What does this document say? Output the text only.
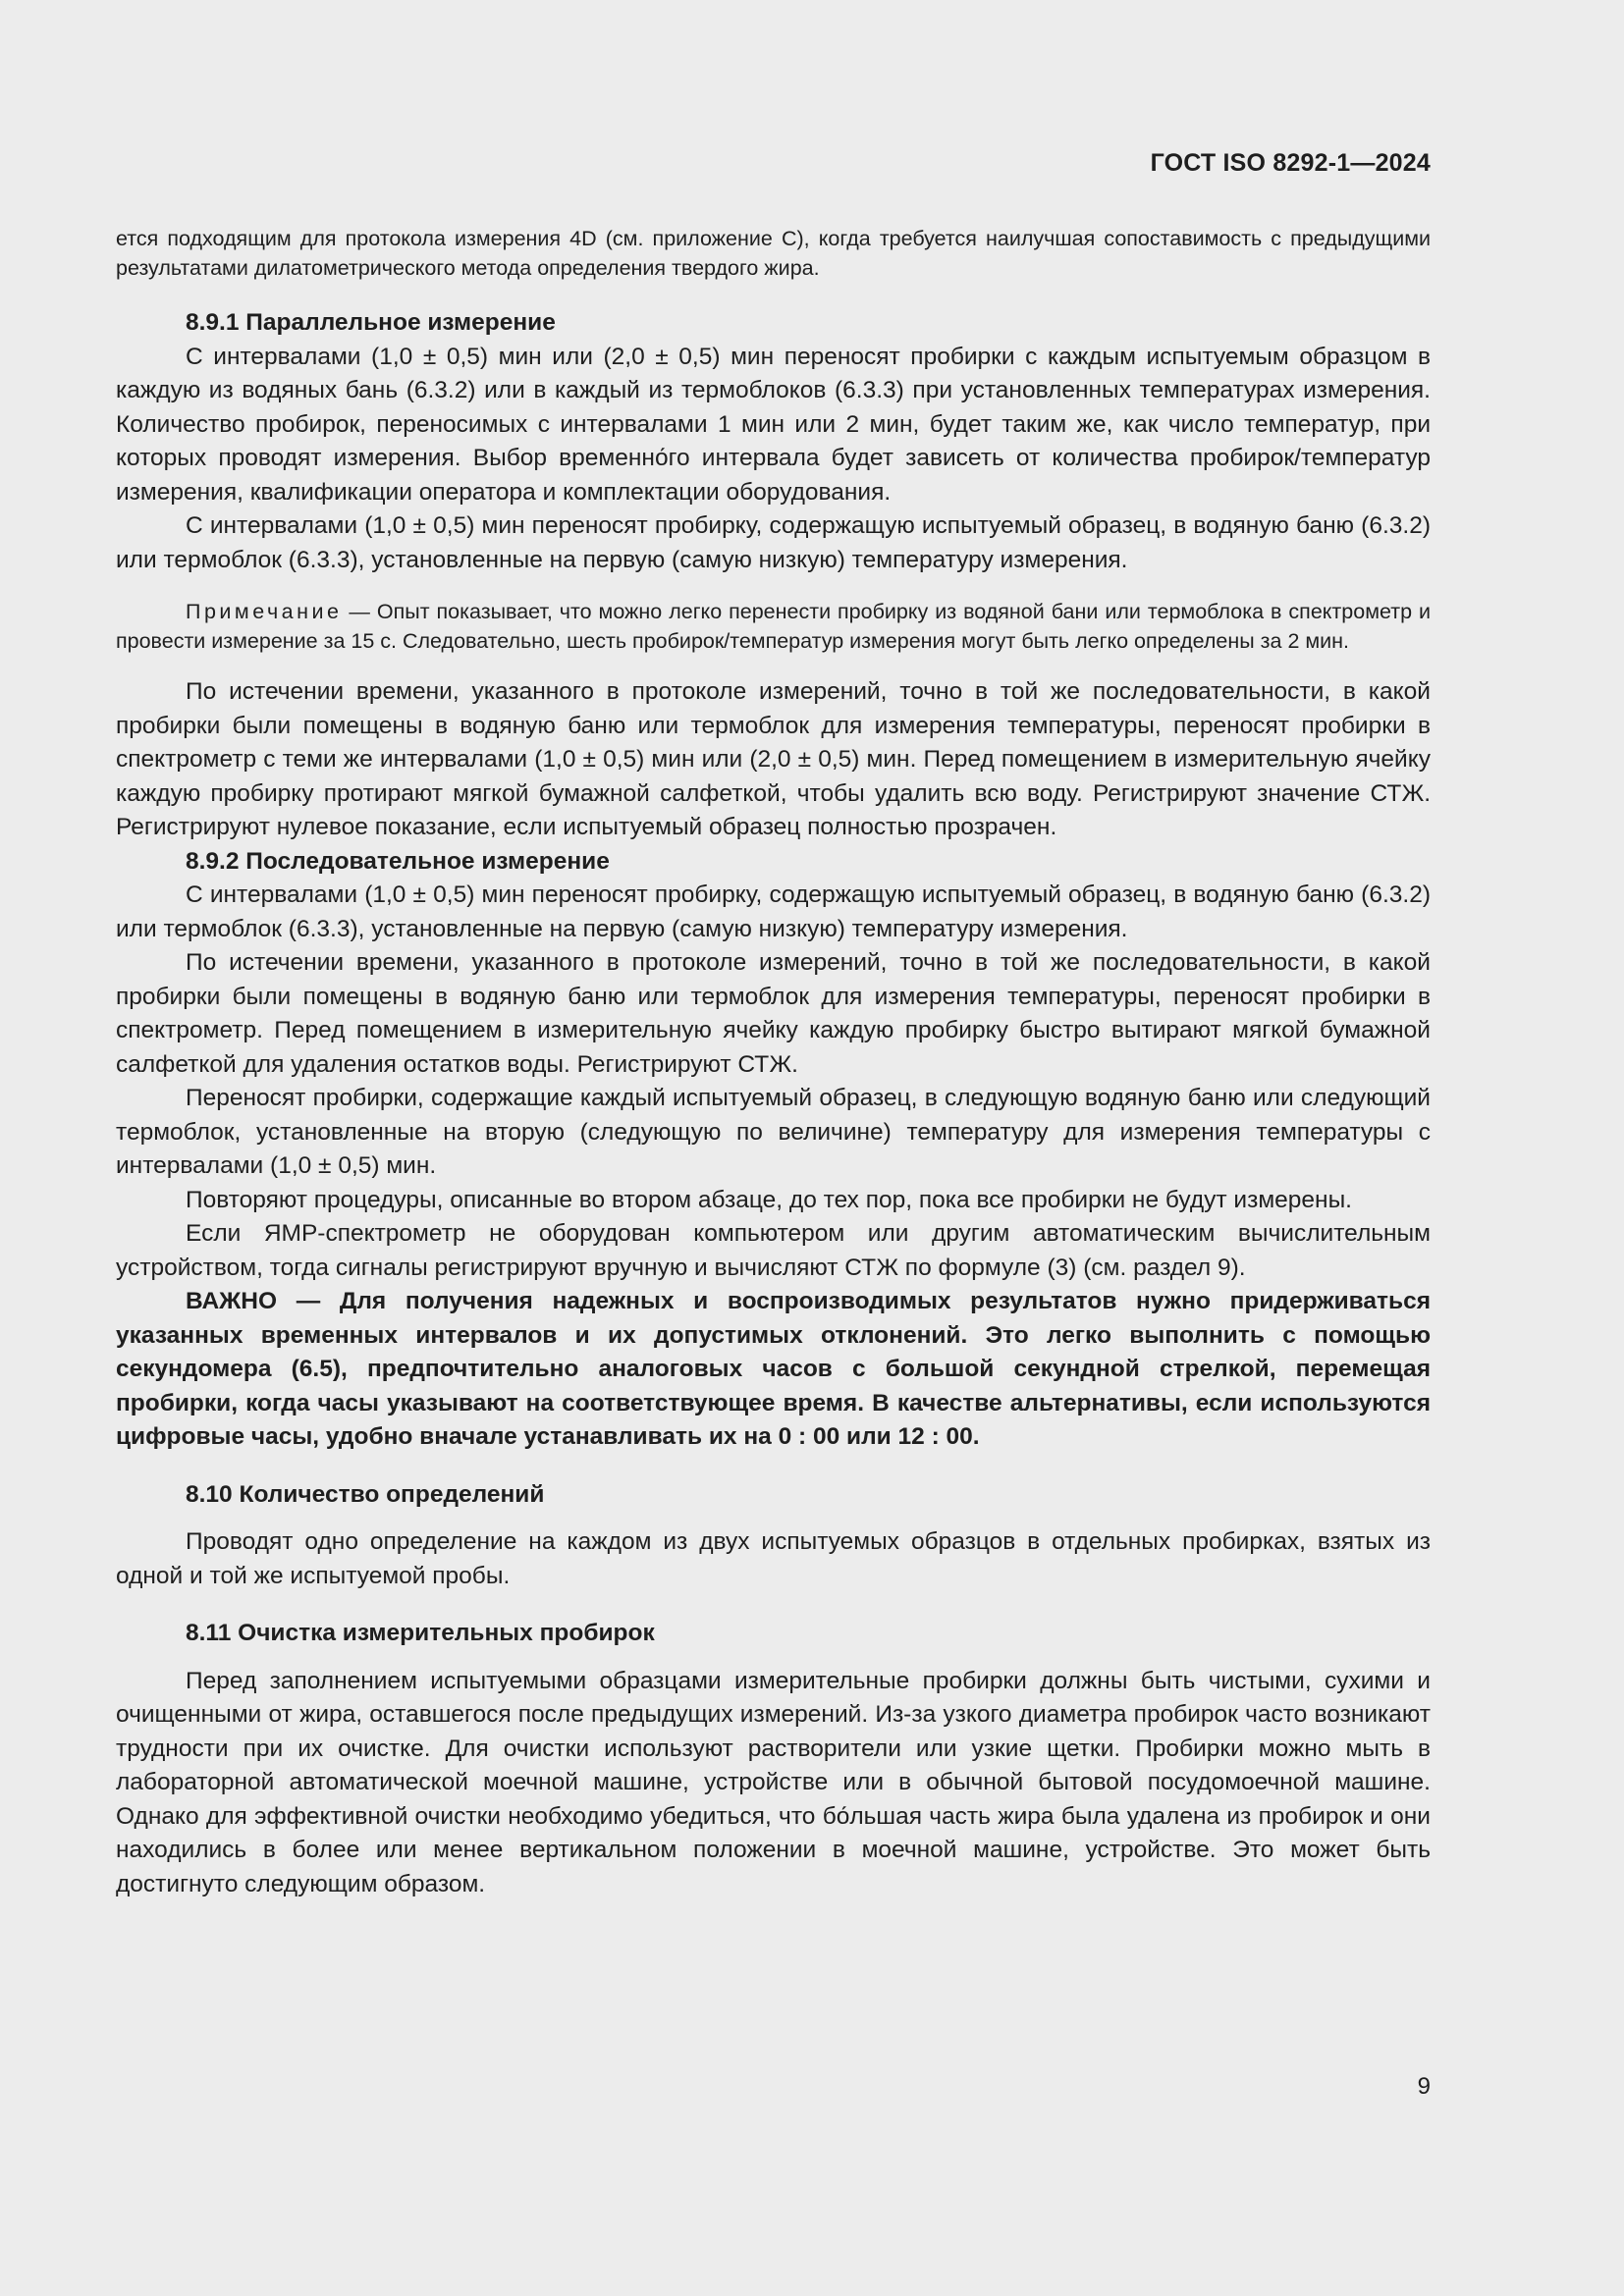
ГОСТ ISO 8292-1—2024

ется подходящим для протокола измерения 4D (см. приложение C), когда требуется наилучшая сопоставимость с предыдущими результатами дилатометрического метода определения твердого жира.

8.9.1 Параллельное измерение

С интервалами (1,0 ± 0,5) мин или (2,0 ± 0,5) мин переносят пробирки с каждым испытуемым образцом в каждую из водяных бань (6.3.2) или в каждый из термоблоков (6.3.3) при установленных температурах измерения. Количество пробирок, переносимых с интервалами 1 мин или 2 мин, будет таким же, как число температур, при которых проводят измерения. Выбор временно́го интервала будет зависеть от количества пробирок/температур измерения, квалификации оператора и комплектации оборудования.

С интервалами (1,0 ± 0,5) мин переносят пробирку, содержащую испытуемый образец, в водяную баню (6.3.2) или термоблок (6.3.3), установленные на первую (самую низкую) температуру измерения.

Примечание — Опыт показывает, что можно легко перенести пробирку из водяной бани или термоблока в спектрометр и провести измерение за 15 с. Следовательно, шесть пробирок/температур измерения могут быть легко определены за 2 мин.

По истечении времени, указанного в протоколе измерений, точно в той же последовательности, в какой пробирки были помещены в водяную баню или термоблок для измерения температуры, переносят пробирки в спектрометр с теми же интервалами (1,0 ± 0,5) мин или (2,0 ± 0,5) мин. Перед помещением в измерительную ячейку каждую пробирку протирают мягкой бумажной салфеткой, чтобы удалить всю воду. Регистрируют значение СТЖ. Регистрируют нулевое показание, если испытуемый образец полностью прозрачен.

8.9.2 Последовательное измерение

С интервалами (1,0 ± 0,5) мин переносят пробирку, содержащую испытуемый образец, в водяную баню (6.3.2) или термоблок (6.3.3), установленные на первую (самую низкую) температуру измерения.

По истечении времени, указанного в протоколе измерений, точно в той же последовательности, в какой пробирки были помещены в водяную баню или термоблок для измерения температуры, переносят пробирки в спектрометр. Перед помещением в измерительную ячейку каждую пробирку быстро вытирают мягкой бумажной салфеткой для удаления остатков воды. Регистрируют СТЖ.

Переносят пробирки, содержащие каждый испытуемый образец, в следующую водяную баню или следующий термоблок, установленные на вторую (следующую по величине) температуру для измерения температуры с интервалами (1,0 ± 0,5) мин.

Повторяют процедуры, описанные во втором абзаце, до тех пор, пока все пробирки не будут измерены.

Если ЯМР-спектрометр не оборудован компьютером или другим автоматическим вычислительным устройством, тогда сигналы регистрируют вручную и вычисляют СТЖ по формуле (3) (см. раздел 9).

ВАЖНО — Для получения надежных и воспроизводимых результатов нужно придерживаться указанных временных интервалов и их допустимых отклонений. Это легко выполнить с помощью секундомера (6.5), предпочтительно аналоговых часов с большой секундной стрелкой, перемещая пробирки, когда часы указывают на соответствующее время. В качестве альтернативы, если используются цифровые часы, удобно вначале устанавливать их на 0 : 00 или 12 : 00.

8.10 Количество определений

Проводят одно определение на каждом из двух испытуемых образцов в отдельных пробирках, взятых из одной и той же испытуемой пробы.

8.11 Очистка измерительных пробирок

Перед заполнением испытуемыми образцами измерительные пробирки должны быть чистыми, сухими и очищенными от жира, оставшегося после предыдущих измерений. Из-за узкого диаметра пробирок часто возникают трудности при их очистке. Для очистки используют растворители или узкие щетки. Пробирки можно мыть в лабораторной автоматической моечной машине, устройстве или в обычной бытовой посудомоечной машине. Однако для эффективной очистки необходимо убедиться, что бо́льшая часть жира была удалена из пробирок и они находились в более или менее вертикальном положении в моечной машине, устройстве. Это может быть достигнуто следующим образом.

9
